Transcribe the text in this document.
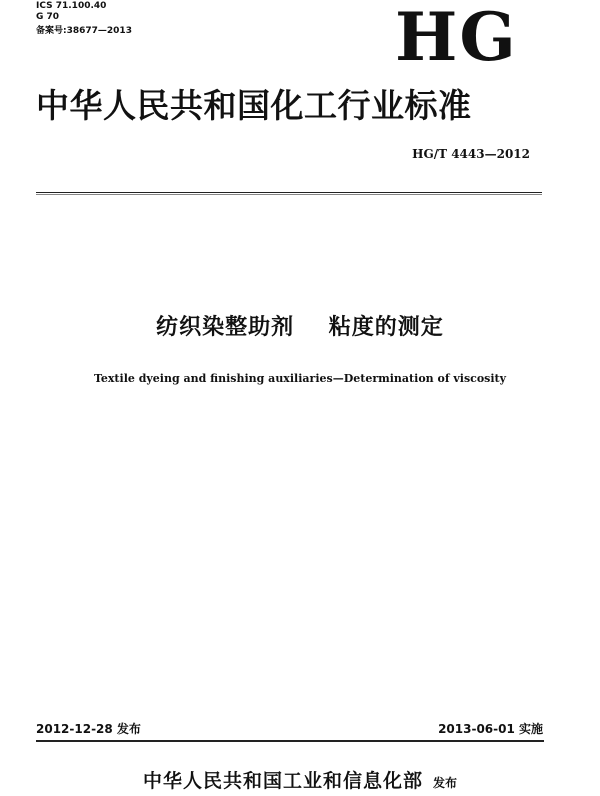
ICS 71.100.40
G 70
备案号:38677—2013	HG
中华人民共和国化工行业标准
HG/T 4443—2012
纺织染整助剂    粘度的测定
Textile dyeing and finishing auxiliaries—Determination of viscosity
2012-12-28 发布	2013-06-01 实施
中华人民共和国工业和信息化部 发布
